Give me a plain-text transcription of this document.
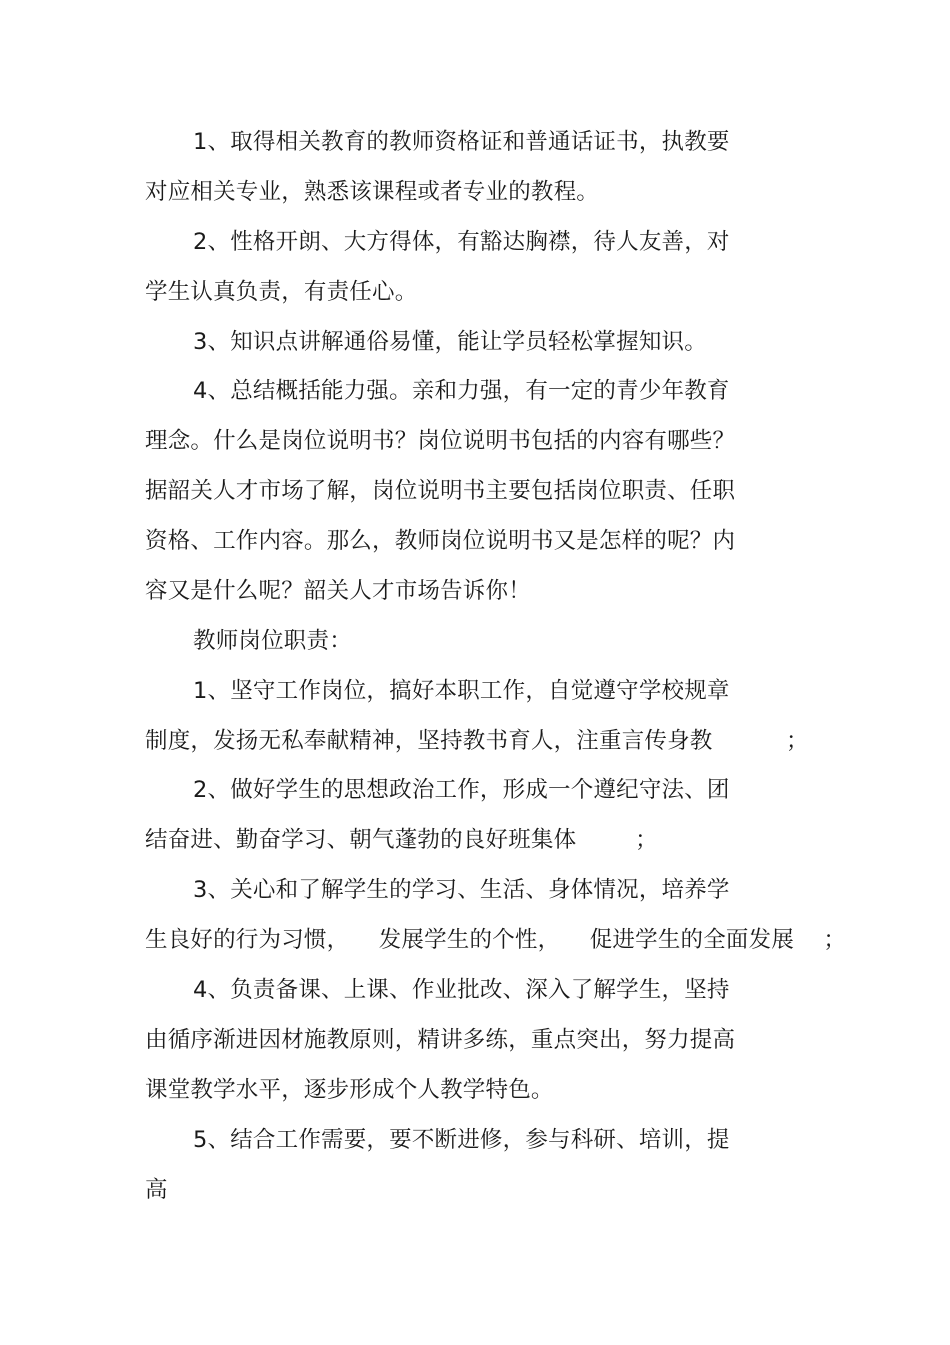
1、取得相关教育的教师资格证和普通话证书，执教要
对应相关专业，熟悉该课程或者专业的教程。
2、性格开朗、大方得体，有豁达胸襟，待人友善，对
学生认真负责，有责任心。
3、知识点讲解通俗易懂，能让学员轻松掌握知识。
4、总结概括能力强。亲和力强，有一定的青少年教育
理念。什么是岗位说明书？岗位说明书包括的内容有哪些？
据韶关人才市场了解，岗位说明书主要包括岗位职责、任职
资格、工作内容。那么，教师岗位说明书又是怎样的呢？内
容又是什么呢？韶关人才市场告诉你！
教师岗位职责：
1、坚守工作岗位，搞好本职工作，自觉遵守学校规章
制度，发扬无私奉献精神，坚持教书育人，注重言传身教          ；
2、做好学生的思想政治工作，形成一个遵纪守法、团
结奋进、勤奋学习、朝气蓬勃的良好班集体        ；
3、关心和了解学生的学习、生活、身体情况，培养学
生良好的行为习惯，    发展学生的个性，    促进学生的全面发展    ；
4、负责备课、上课、作业批改、深入了解学生，坚持
由循序渐进因材施教原则，精讲多练，重点突出，努力提高
课堂教学水平，逐步形成个人教学特色。
5、结合工作需要，要不断进修，参与科研、培训，提
高
